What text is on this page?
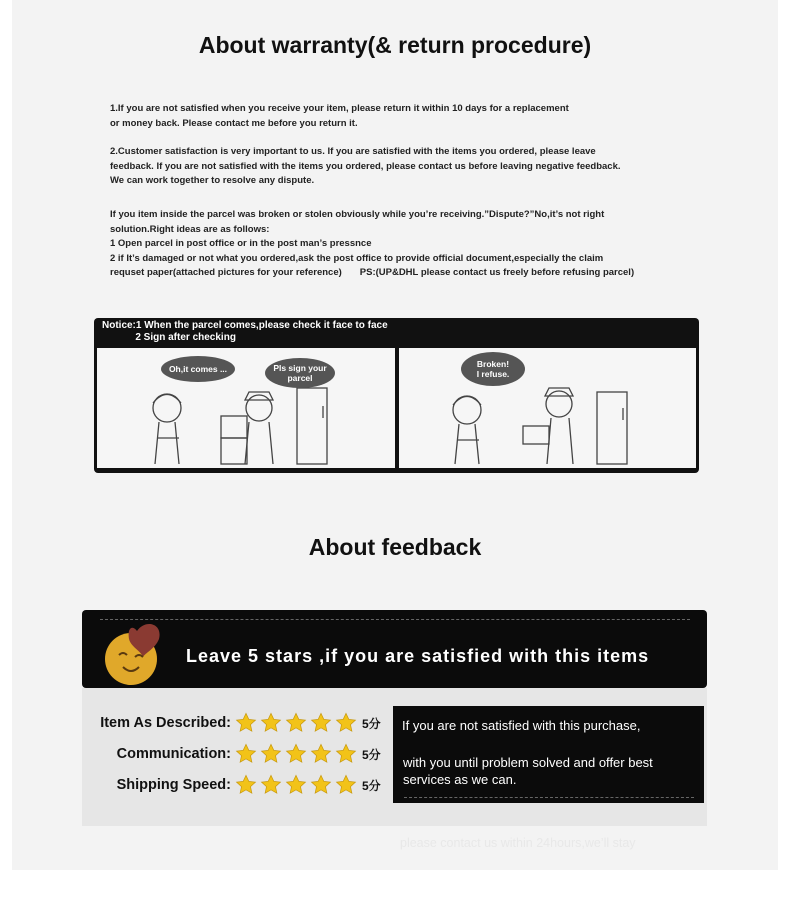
About warranty(& return procedure)
1.If you are not satisfied when you receive your item, please return it within 10 days for a replacement
or money back. Please contact me before you return it.
2.Customer satisfaction is very important to us. If you are satisfied with the items you ordered, please leave
feedback. If you are not satisfied with the items you ordered, please contact us before leaving negative feedback.
We can work together to resolve any dispute.
If you item inside the parcel was broken or stolen obviously while you’re receiving.”Dispute?”No,it’s not right
solution.Right ideas are as follows:
1 Open parcel in post office or in the post man’s pressnce
2 if It’s damaged or not what you ordered,ask the post office to provide official document,especially the claim
requset paper(attached pictures for your reference) PS:(UP&DHL please contact us freely before refusing parcel)
Notice:1 When the parcel comes,please check it face to face
2 Sign after checking
Oh,it comes ...	Pls sign your
parcel
Broken!
I refuse.
About feedback
Leave 5 stars ,if you are satisfied with this items
Item As Described:	5分
Communication:	5分
Shipping Speed:	5分
If you are not satisfied with this purchase,
with you until problem solved and offer best
services as we can.
please contact us within 24hours,we’ll stay
